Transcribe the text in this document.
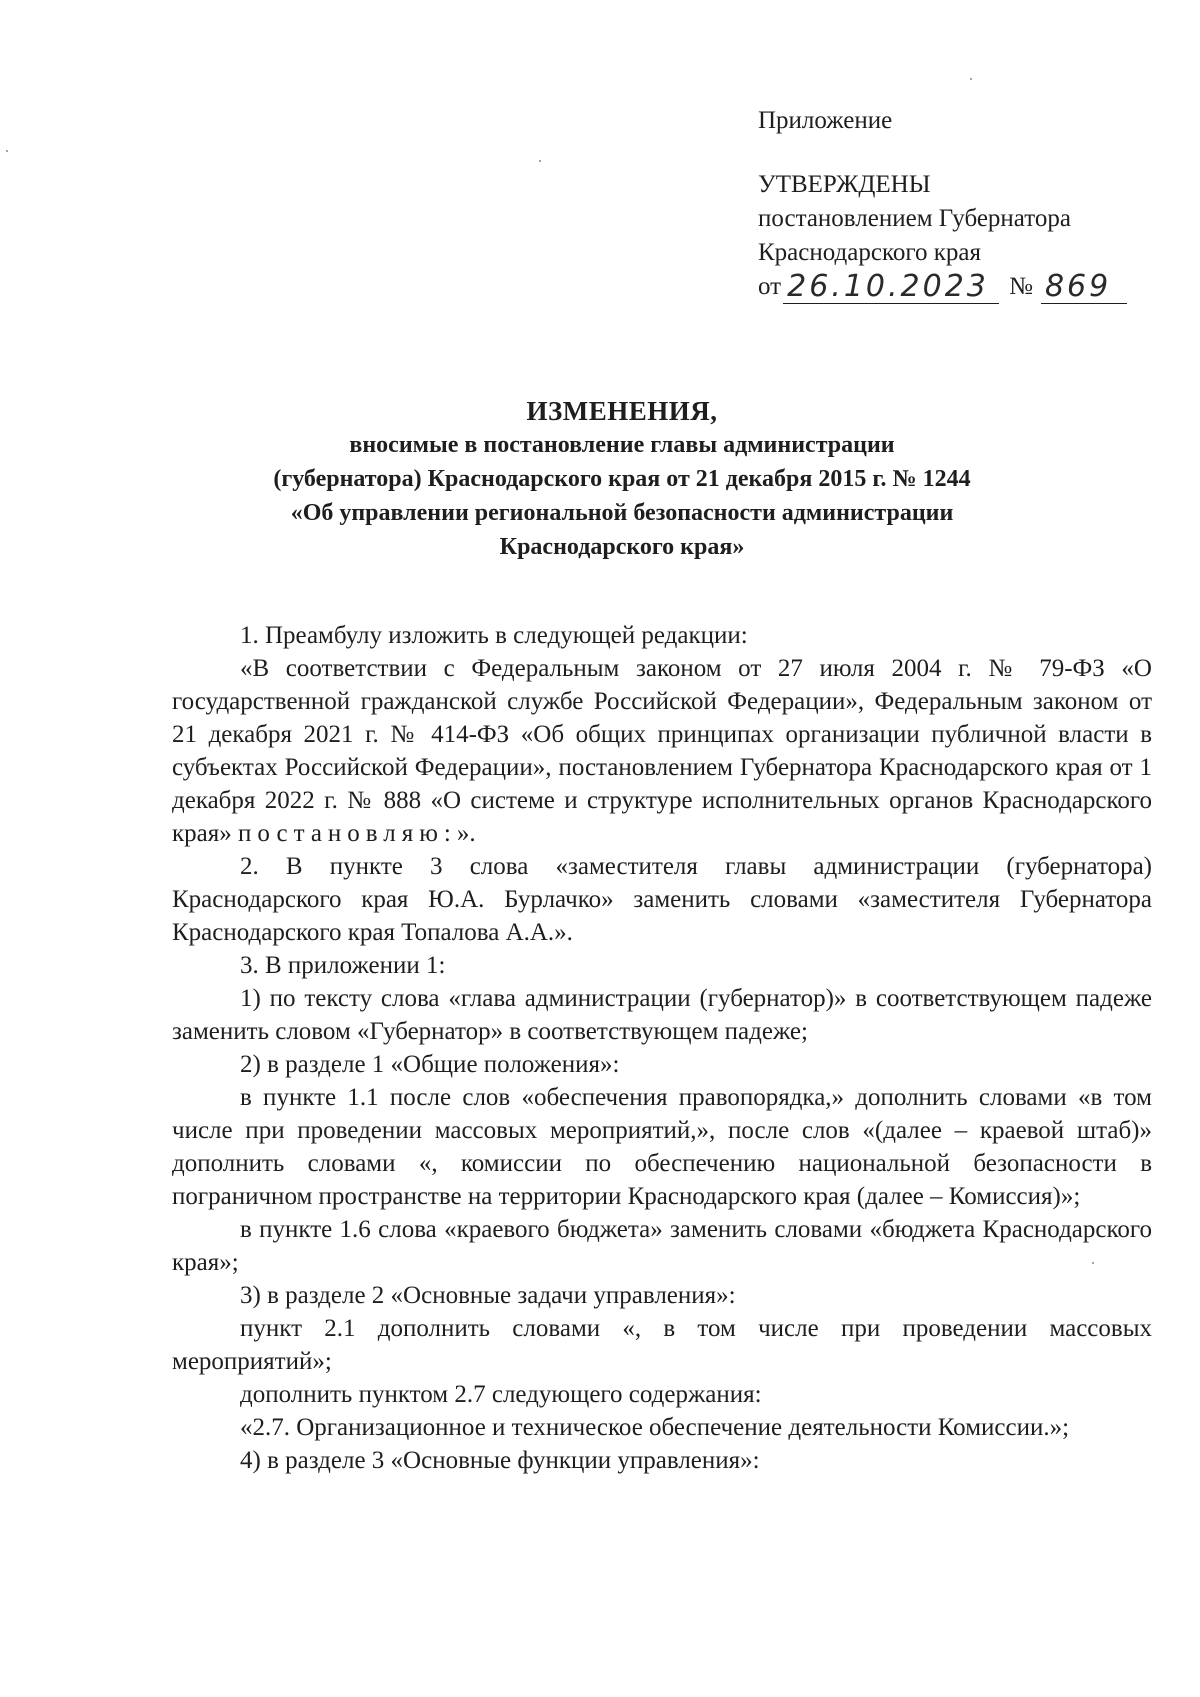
Приложение
УТВЕРЖДЕНЫ
постановлением Губернатора
Краснодарского края
от 26.10.2023 № 869
ИЗМЕНЕНИЯ,
вносимые в постановление главы администрации
(губернатора) Краснодарского края от 21 декабря 2015 г. № 1244
«Об управлении региональной безопасности администрации
Краснодарского края»

1. Преамбулу изложить в следующей редакции:

«В соответствии с Федеральным законом от 27 июля 2004 г. № 79-ФЗ «О государственной гражданской службе Российской Федерации», Федеральным законом от 21 декабря 2021 г. № 414-ФЗ «Об общих принципах организации публичной власти в субъектах Российской Федерации», постановлением Губернатора Краснодарского края от 1 декабря 2022 г. № 888 «О системе и структуре исполнительных органов Краснодарского края» постановляю:».

2. В пункте 3 слова «заместителя главы администрации (губернатора) Краснодарского края Ю.А. Бурлачко» заменить словами «заместителя Губернатора Краснодарского края Топалова А.А.».

3. В приложении 1:

1) по тексту слова «глава администрации (губернатор)» в соответствующем падеже заменить словом «Губернатор» в соответствующем падеже;

2) в разделе 1 «Общие положения»:

в пункте 1.1 после слов «обеспечения правопорядка,» дополнить словами «в том числе при проведении массовых мероприятий,», после слов «(далее – краевой штаб)» дополнить словами «, комиссии по обеспечению национальной безопасности в пограничном пространстве на территории Краснодарского края (далее – Комиссия)»;

в пункте 1.6 слова «краевого бюджета» заменить словами «бюджета Краснодарского края»;

3) в разделе 2 «Основные задачи управления»:

пункт 2.1 дополнить словами «, в том числе при проведении массовых мероприятий»;

дополнить пунктом 2.7 следующего содержания:

«2.7. Организационное и техническое обеспечение деятельности Комиссии.»;

4) в разделе 3 «Основные функции управления»:
